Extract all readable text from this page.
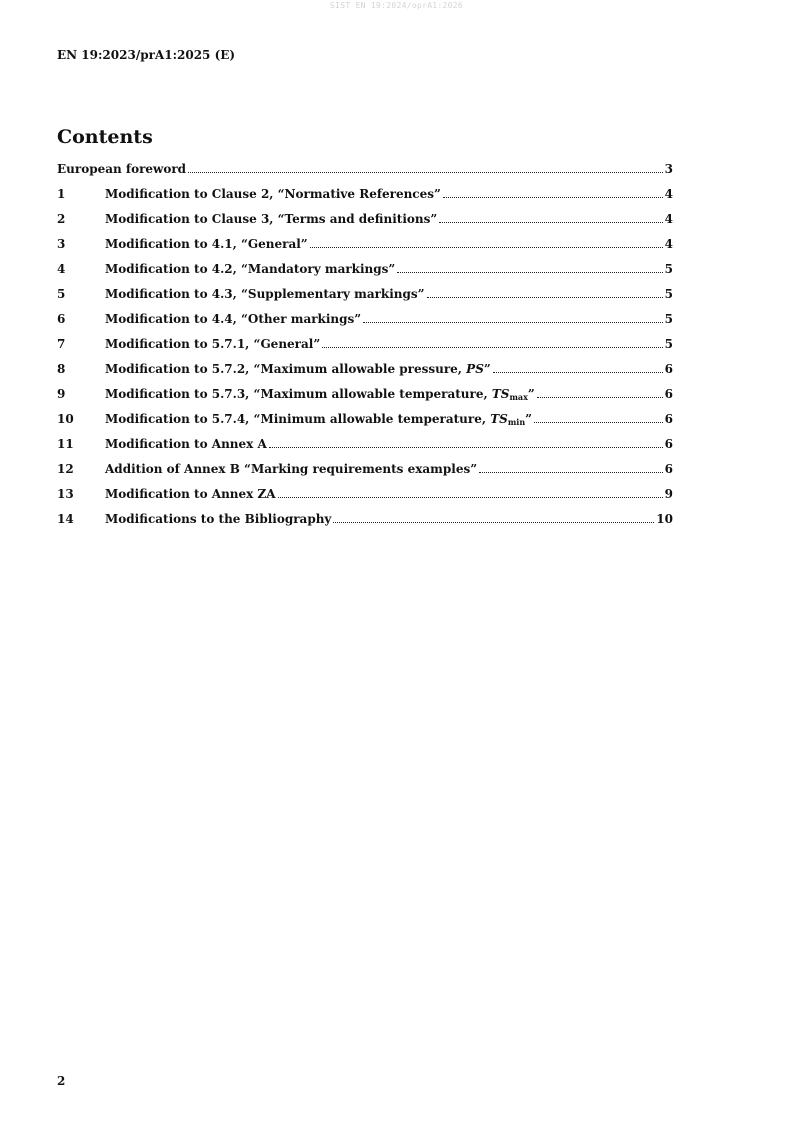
SIST EN 19:2024/oprA1:2026
EN 19:2023/prA1:2025 (E)
Contents
European foreword	3
1	Modification to Clause 2, “Normative References”	4
2	Modification to Clause 3, “Terms and definitions”	4
3	Modification to 4.1, “General”	4
4	Modification to 4.2, “Mandatory markings”	5
5	Modification to 4.3, “Supplementary markings”	5
6	Modification to 4.4, “Other markings”	5
7	Modification to 5.7.1, “General”	5
8	Modification to 5.7.2, “Maximum allowable pressure, PS”	6
9	Modification to 5.7.3, “Maximum allowable temperature, $TS_{max}$”	6
10	Modification to 5.7.4, “Minimum allowable temperature, $TS_{min}$”	6
11	Modification to Annex A	6
12	Addition of Annex B “Marking requirements examples”	6
13	Modification to Annex ZA	9
14	Modifications to the Bibliography	10
2
